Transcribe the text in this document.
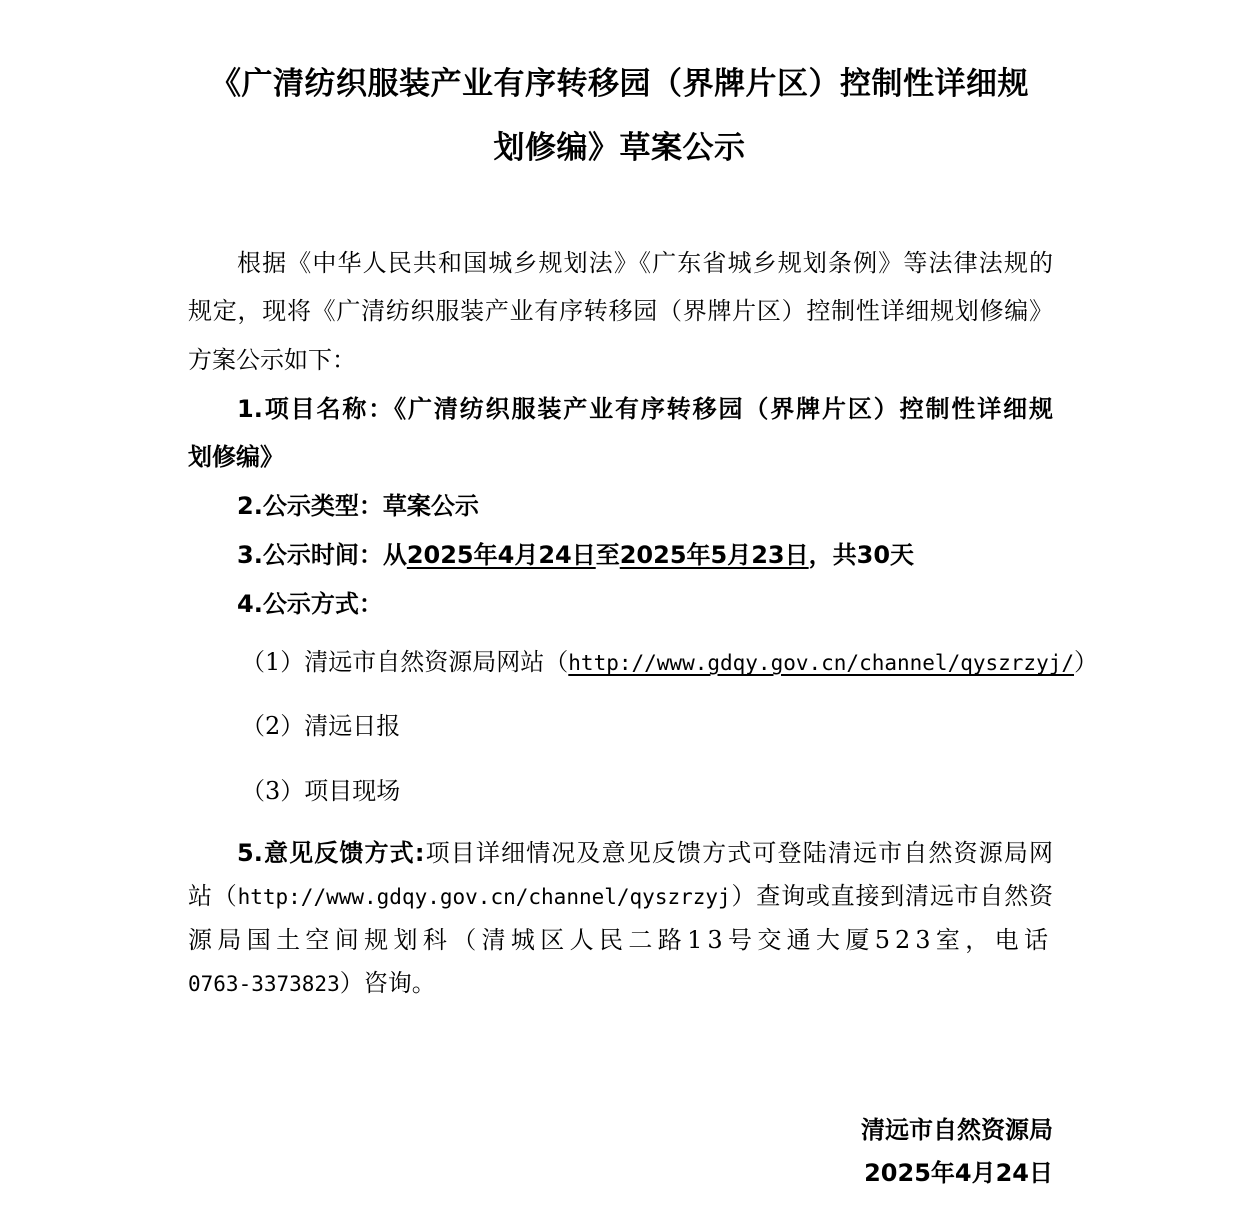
《广清纺织服装产业有序转移园（界牌片区）控制性详细规
划修编》草案公示
根据《中华人民共和国城乡规划法》《广东省城乡规划条例》等法律法规的
规定，现将《广清纺织服装产业有序转移园（界牌片区）控制性详细规划修编》
方案公示如下：
1.项目名称：《广清纺织服装产业有序转移园（界牌片区）控制性详细规
划修编》
2.公示类型：草案公示
3.公示时间：从2025年4月24日至2025年5月23日，共30天
4.公示方式：
（1）清远市自然资源局网站（http://www.gdqy.gov.cn/channel/qyszrzyj/）
（2）清远日报
（3）项目现场
5.意见反馈方式:项目详细情况及意见反馈方式可登陆清远市自然资源局网
站（http://www.gdqy.gov.cn/channel/qyszrzyj）查询或直接到清远市自然资
源局国土空间规划科（清城区人民二路13号交通大厦523室，电话
0763-3373823）咨询。
清远市自然资源局
2025年4月24日
